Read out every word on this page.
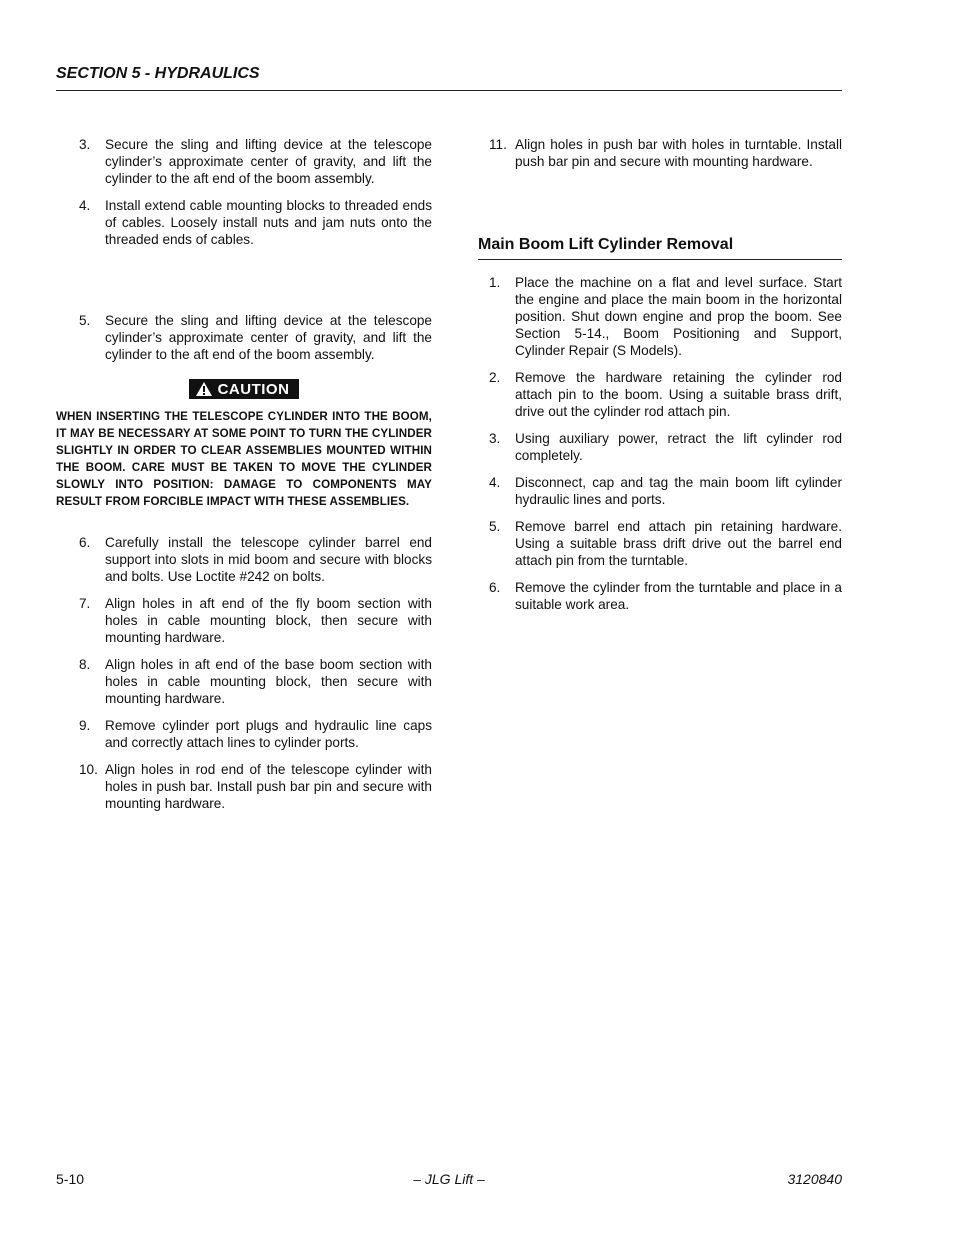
SECTION 5 - HYDRAULICS
3.	Secure the sling and lifting device at the telescope cylinder’s approximate center of gravity, and lift the cylinder to the aft end of the boom assembly.
4.	Install extend cable mounting blocks to threaded ends of cables. Loosely install nuts and jam nuts onto the threaded ends of cables.
5.	Secure the sling and lifting device at the telescope cylinder’s approximate center of gravity, and lift the cylinder to the aft end of the boom assembly.
CAUTION
WHEN INSERTING THE TELESCOPE CYLINDER INTO THE BOOM, IT MAY BE NECESSARY AT SOME POINT TO TURN THE CYLINDER SLIGHTLY IN ORDER TO CLEAR ASSEMBLIES MOUNTED WITHIN THE BOOM. CARE MUST BE TAKEN TO MOVE THE CYLINDER SLOWLY INTO POSITION: DAMAGE TO COMPONENTS MAY RESULT FROM FORCIBLE IMPACT WITH THESE ASSEMBLIES.
6.	Carefully install the telescope cylinder barrel end support into slots in mid boom and secure with blocks and bolts. Use Loctite #242 on bolts.
7.	Align holes in aft end of the fly boom section with holes in cable mounting block, then secure with mounting hardware.
8.	Align holes in aft end of the base boom section with holes in cable mounting block, then secure with mounting hardware.
9.	Remove cylinder port plugs and hydraulic line caps and correctly attach lines to cylinder ports.
10. Align holes in rod end of the telescope cylinder with holes in push bar. Install push bar pin and secure with mounting hardware.
11. Align holes in push bar with holes in turntable. Install push bar pin and secure with mounting hardware.
Main Boom Lift Cylinder Removal
1.	Place the machine on a flat and level surface. Start the engine and place the main boom in the horizontal position. Shut down engine and prop the boom. See Section 5-14., Boom Positioning and Support, Cylinder Repair (S Models).
2.	Remove the hardware retaining the cylinder rod attach pin to the boom. Using a suitable brass drift, drive out the cylinder rod attach pin.
3.	Using auxiliary power, retract the lift cylinder rod completely.
4.	Disconnect, cap and tag the main boom lift cylinder hydraulic lines and ports.
5.	Remove barrel end attach pin retaining hardware. Using a suitable brass drift drive out the barrel end attach pin from the turntable.
6.	Remove the cylinder from the turntable and place in a suitable work area.
5-10	– JLG Lift –	3120840
